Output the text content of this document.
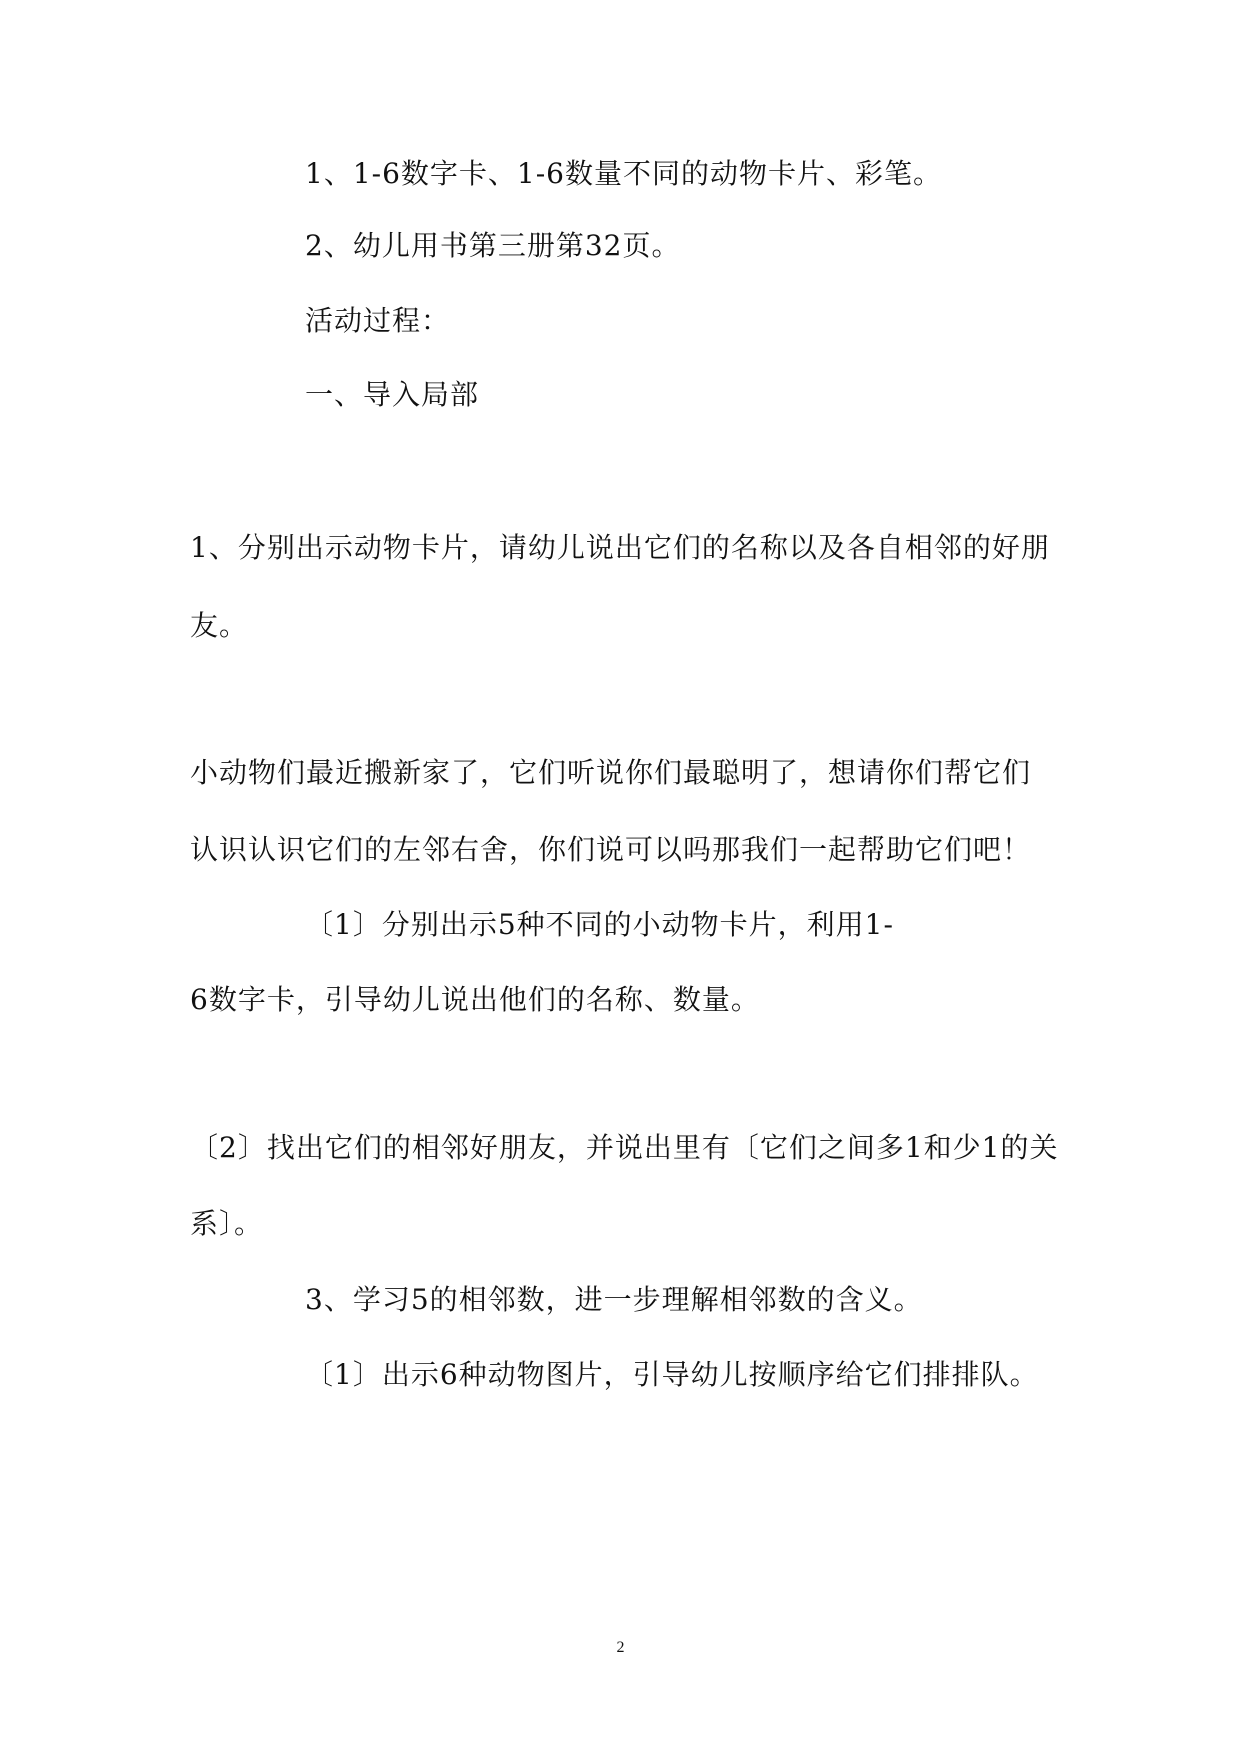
1、1-6数字卡、1-6数量不同的动物卡片、彩笔。
2、幼儿用书第三册第32页。
活动过程：
一、导入局部
1、分别出示动物卡片，请幼儿说出它们的名称以及各自相邻的好朋
友。
小动物们最近搬新家了，它们听说你们最聪明了，想请你们帮它们
认识认识它们的左邻右舍，你们说可以吗那我们一起帮助它们吧！
〔1〕分别出示5种不同的小动物卡片，利用1-
6数字卡，引导幼儿说出他们的名称、数量。
〔2〕找出它们的相邻好朋友，并说出里有〔它们之间多1和少1的关
系〕。
3、学习5的相邻数，进一步理解相邻数的含义。
〔1〕出示6种动物图片，引导幼儿按顺序给它们排排队。
2
